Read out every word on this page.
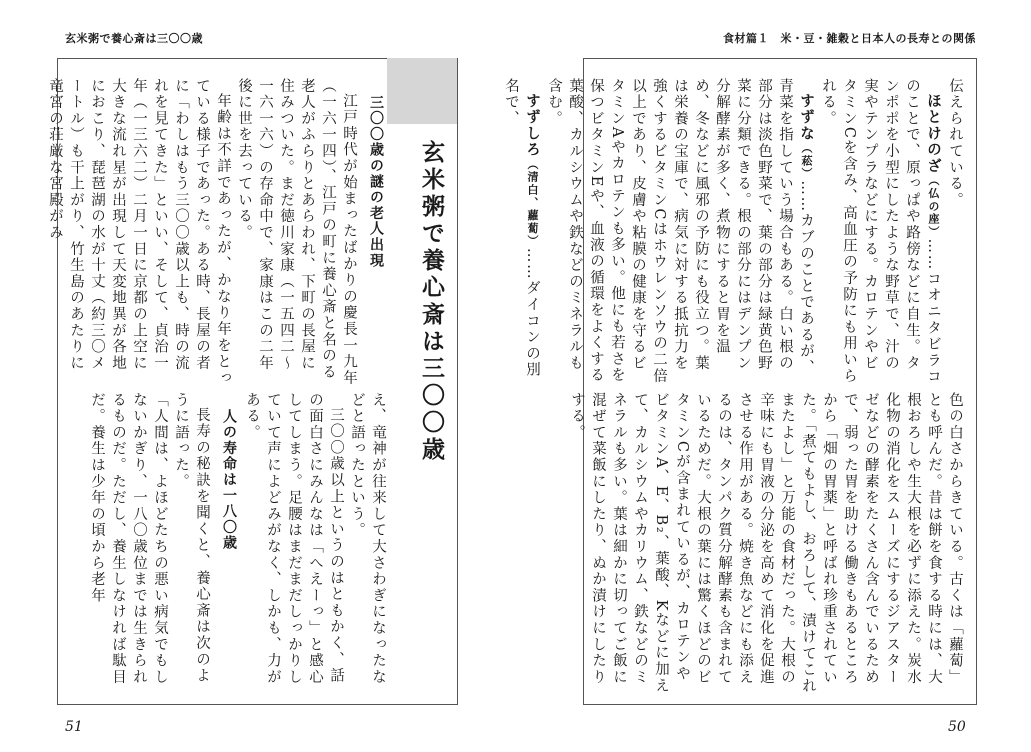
玄米粥で養心斎は三〇〇歳	食材篇１　米・豆・雑穀と日本人の長寿との関係
玄米粥で養心斎は三〇〇歳	伝えられている。

ほとけのざ（仏の座）……コオニタビラコのことで、原っぱや路傍などに自生。タンポポを小型にしたような野草で、汁の実やテンプラなどにする。カロテンやビタミンCを含み、高血圧の予防にも用いられる。

すずな（菘）……カブのことであるが、青菜を指していう場合もある。白い根の部分は淡色野菜で、葉の部分は緑黄色野菜に分類できる。根の部分にはデンプン分解酵素が多く、煮物にすると胃を温め、冬などに風邪の予防にも役立つ。葉は栄養の宝庫で、病気に対する抵抗力を強くするビタミンCはホウレンソウの二倍以上であり、皮膚や粘膜の健康を守るビタミンAやカロテンも多い。他にも若さを保つビタミンEや、血液の循環をよくする葉酸、カルシウムや鉄などのミネラルも含む。

すずしろ（清白、蘿蔔）……ダイコンの別名で、

色の白さからきている。古くは「蘿蔔」とも呼んだ。昔は餅を食する時には、大根おろしや生大根を必ずに添えた。炭水化物の消化をスムーズにするジアスターゼなどの酵素をたくさん含んでいるためで、弱った胃を助ける働きもあるところから「畑の胃薬」と呼ばれ珍重されていた。「煮てもよし、おろして、漬けてこれまたよし」と万能の食材だった。大根の辛味にも胃液の分泌を高めて消化を促進させる作用がある。焼き魚などにも添えるのは、タンパク質分解酵素も含まれているためだ。大根の葉には驚くほどのビタミンCが含まれているが、カロテンやビタミンA、E、B₂、葉酸、Kなどに加えて、カルシウムやカリウム、鉄などのミネラルも多い。葉は細かに切ってご飯に混ぜて菜飯にしたり、ぬか漬けにしたりする。

三〇〇歳の謎の老人出現

江戸時代が始まったばかりの慶長一九年（一六一四）、江戸の町に養心斎と名のる老人がふらりとあらわれ、下町の長屋に住みついた。まだ徳川家康（一五四二〜一六一六）の存命中で、家康はこの二年後に世を去っている。

年齢は不詳であったが、かなり年をとっている様子であった。ある時、長屋の者に「わしはもう三〇〇歳以上も、時の流れを見てきた」といい、そして、貞治一年（一三六二）二月一日に京都の上空に大きな流れ星が出現して天変地異が各地におこり、琵琶湖の水が十丈（約三〇メートル）も干上がり、竹生島のあたりに竜宮の荘厳な宮殿がみ

え、竜神が往来して大さわぎになったなどと語ったという。

三〇〇歳以上というのはともかく、話の面白さにみんなは「へえーっ」と感心してしまう。足腰はまだまだしっかりしていて声によどみがなく、しかも、力がある。

人の寿命は一八〇歳

長寿の秘訣を聞くと、養心斎は次のように語った。

「人間は、よほどたちの悪い病気でもしないかぎり、一八〇歳位までは生きられるものだ。ただし、養生しなければ駄目だ。養生は少年の頃から老年

51	50
